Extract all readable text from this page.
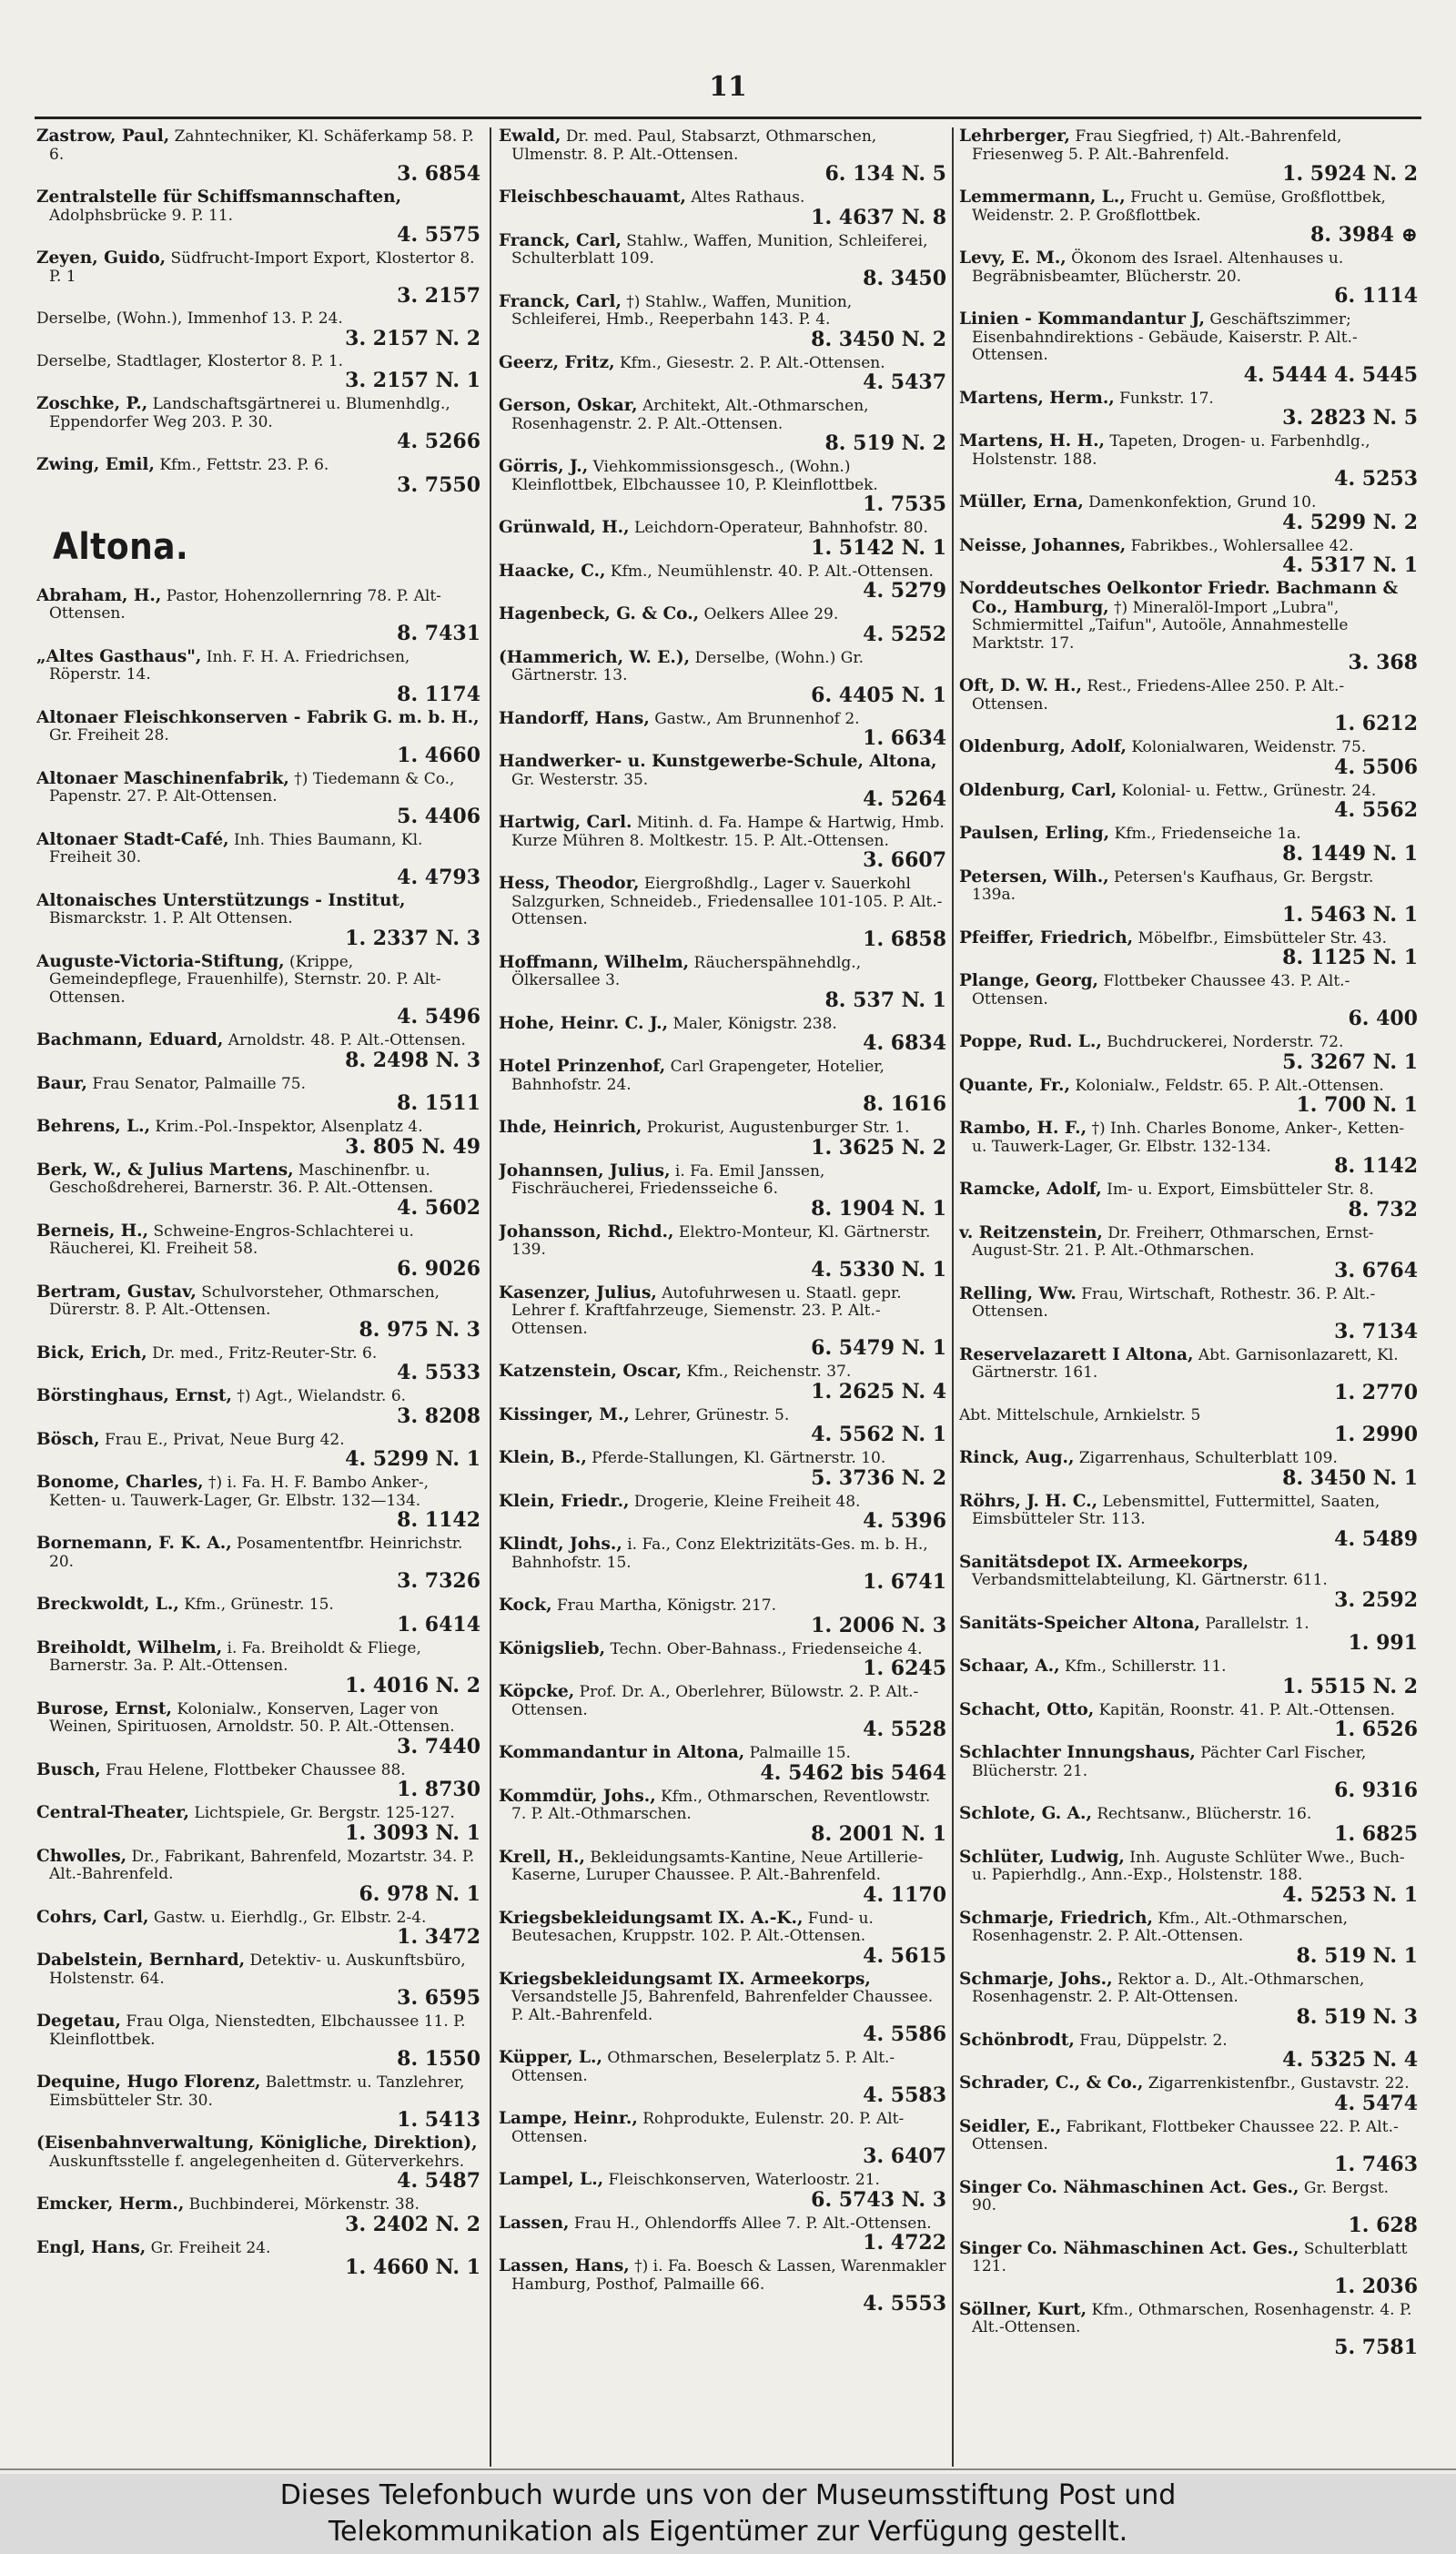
11
Zastrow, Paul, Zahntechniker, Kl. Schäferkamp 58. P. 6.
3. 6854
Zentralstelle für Schiffsmannschaften, Adolphsbrücke 9. P. 11.
4. 5575
Zeyen, Guido, Südfrucht-Import Export, Klostertor 8. P. 1
3. 2157
Derselbe, (Wohn.), Immenhof 13. P. 24.
3. 2157 N. 2
Derselbe, Stadtlager, Klostertor 8. P. 1.
3. 2157 N. 1
Zoschke, P., Landschaftsgärtnerei u. Blumenhdlg., Eppendorfer Weg 203. P. 30.
4. 5266
Zwing, Emil, Kfm., Fettstr. 23. P. 6.
3. 7550
Altona.
Abraham, H., Pastor, Hohenzollernring 78. P. Alt-Ottensen.
8. 7431
„Altes Gasthaus", Inh. F. H. A. Friedrichsen, Röperstr. 14.
8. 1174
Altonaer Fleischkonserven - Fabrik G. m. b. H., Gr. Freiheit 28.
1. 4660
Altonaer Maschinenfabrik, †) Tiedemann & Co., Papenstr. 27. P. Alt-Ottensen.
5. 4406
Altonaer Stadt-Café, Inh. Thies Baumann, Kl. Freiheit 30.
4. 4793
Altonaisches Unterstützungs - Institut, Bismarckstr. 1. P. Alt Ottensen.
1. 2337 N. 3
Auguste-Victoria-Stiftung, (Krippe, Gemeindepflege, Frauenhilfe), Sternstr. 20. P. Alt-Ottensen.
4. 5496
Bachmann, Eduard, Arnoldstr. 48. P. Alt.-Ottensen.
8. 2498 N. 3
Baur, Frau Senator, Palmaille 75.
8. 1511
Behrens, L., Krim.-Pol.-Inspektor, Alsenplatz 4.
3. 805 N. 49
Berk, W., & Julius Martens, Maschinenfbr. u. Geschoßdreherei, Barnerstr. 36. P. Alt.-Ottensen.
4. 5602
Berneis, H., Schweine-Engros-Schlachterei u. Räucherei, Kl. Freiheit 58.
6. 9026
Bertram, Gustav, Schulvorsteher, Othmarschen, Dürerstr. 8. P. Alt.-Ottensen.
8. 975 N. 3
Bick, Erich, Dr. med., Fritz-Reuter-Str. 6.
4. 5533
Börstinghaus, Ernst, †) Agt., Wielandstr. 6.
3. 8208
Bösch, Frau E., Privat, Neue Burg 42.
4. 5299 N. 1
Bonome, Charles, †) i. Fa. H. F. Bambo Anker-, Ketten- u. Tauwerk-Lager, Gr. Elbstr. 132—134.
8. 1142
Bornemann, F. K. A., Posamententfbr. Heinrichstr. 20.
3. 7326
Breckwoldt, L., Kfm., Grünestr. 15.
1. 6414
Breiholdt, Wilhelm, i. Fa. Breiholdt & Fliege, Barnerstr. 3a. P. Alt.-Ottensen.
1. 4016 N. 2
Burose, Ernst, Kolonialw., Konserven, Lager von Weinen, Spirituosen, Arnoldstr. 50. P. Alt.-Ottensen.
3. 7440
Busch, Frau Helene, Flottbeker Chaussee 88.
1. 8730
Central-Theater, Lichtspiele, Gr. Bergstr. 125-127.
1. 3093 N. 1
Chwolles, Dr., Fabrikant, Bahrenfeld, Mozartstr. 34. P. Alt.-Bahrenfeld.
6. 978 N. 1
Cohrs, Carl, Gastw. u. Eierhdlg., Gr. Elbstr. 2-4.
1. 3472
Dabelstein, Bernhard, Detektiv- u. Auskunftsbüro, Holstenstr. 64.
3. 6595
Degetau, Frau Olga, Nienstedten, Elbchaussee 11. P. Kleinflottbek.
8. 1550
Dequine, Hugo Florenz, Balettmstr. u. Tanzlehrer, Eimsbütteler Str. 30.
1. 5413
(Eisenbahnverwaltung, Königliche, Direktion), Auskunftsstelle f. angelegenheiten d. Güterverkehrs.
4. 5487
Emcker, Herm., Buchbinderei, Mörkenstr. 38.
3. 2402 N. 2
Engl, Hans, Gr. Freiheit 24.
1. 4660 N. 1
Ewald, Dr. med. Paul, Stabsarzt, Othmarschen, Ulmenstr. 8. P. Alt.-Ottensen.
6. 134 N. 5
Fleischbeschauamt, Altes Rathaus.
1. 4637 N. 8
Franck, Carl, Stahlw., Waffen, Munition, Schleiferei, Schulterblatt 109.
8. 3450
Franck, Carl, †) Stahlw., Waffen, Munition, Schleiferei, Hmb., Reeperbahn 143. P. 4.
8. 3450 N. 2
Geerz, Fritz, Kfm., Giesestr. 2. P. Alt.-Ottensen.
4. 5437
Gerson, Oskar, Architekt, Alt.-Othmarschen, Rosenhagenstr. 2. P. Alt.-Ottensen.
8. 519 N. 2
Görris, J., Viehkommissionsgesch., (Wohn.) Kleinflottbek, Elbchaussee 10, P. Kleinflottbek.
1. 7535
Grünwald, H., Leichdorn-Operateur, Bahnhofstr. 80.
1. 5142 N. 1
Haacke, C., Kfm., Neumühlenstr. 40. P. Alt.-Ottensen.
4. 5279
Hagenbeck, G. & Co., Oelkers Allee 29.
4. 5252
(Hammerich, W. E.), Derselbe, (Wohn.) Gr. Gärtnerstr. 13.
6. 4405 N. 1
Handorff, Hans, Gastw., Am Brunnenhof 2.
1. 6634
Handwerker- u. Kunstgewerbe-Schule, Altona, Gr. Westerstr. 35.
4. 5264
Hartwig, Carl. Mitinh. d. Fa. Hampe & Hartwig, Hmb. Kurze Mühren 8. Moltkestr. 15. P. Alt.-Ottensen.
3. 6607
Hess, Theodor, Eiergroßhdlg., Lager v. Sauerkohl Salzgurken, Schneideb., Friedensallee 101-105. P. Alt.-Ottensen.
1. 6858
Hoffmann, Wilhelm, Räucherspähnehdlg., Ölkersallee 3.
8. 537 N. 1
Hohe, Heinr. C. J., Maler, Königstr. 238.
4. 6834
Hotel Prinzenhof, Carl Grapengeter, Hotelier, Bahnhofstr. 24.
8. 1616
Ihde, Heinrich, Prokurist, Augustenburger Str. 1.
1. 3625 N. 2
Johannsen, Julius, i. Fa. Emil Janssen, Fischräucherei, Friedensseiche 6.
8. 1904 N. 1
Johansson, Richd., Elektro-Monteur, Kl. Gärtnerstr. 139.
4. 5330 N. 1
Kasenzer, Julius, Autofuhrwesen u. Staatl. gepr. Lehrer f. Kraftfahrzeuge, Siemenstr. 23. P. Alt.-Ottensen.
6. 5479 N. 1
Katzenstein, Oscar, Kfm., Reichenstr. 37.
1. 2625 N. 4
Kissinger, M., Lehrer, Grünestr. 5.
4. 5562 N. 1
Klein, B., Pferde-Stallungen, Kl. Gärtnerstr. 10.
5. 3736 N. 2
Klein, Friedr., Drogerie, Kleine Freiheit 48.
4. 5396
Klindt, Johs., i. Fa., Conz Elektrizitäts-Ges. m. b. H., Bahnhofstr. 15.
1. 6741
Kock, Frau Martha, Königstr. 217.
1. 2006 N. 3
Königslieb, Techn. Ober-Bahnass., Friedenseiche 4.
1. 6245
Köpcke, Prof. Dr. A., Oberlehrer, Bülowstr. 2. P. Alt.-Ottensen.
4. 5528
Kommandantur in Altona, Palmaille 15.
4. 5462 bis 5464
Kommdür, Johs., Kfm., Othmarschen, Reventlowstr. 7. P. Alt.-Othmarschen.
8. 2001 N. 1
Krell, H., Bekleidungsamts-Kantine, Neue Artillerie-Kaserne, Luruper Chaussee. P. Alt.-Bahrenfeld.
4. 1170
Kriegsbekleidungsamt IX. A.-K., Fund- u. Beutesachen, Kruppstr. 102. P. Alt.-Ottensen.
4. 5615
Kriegsbekleidungsamt IX. Armeekorps, Versandstelle J5, Bahrenfeld, Bahrenfelder Chaussee. P. Alt.-Bahrenfeld.
4. 5586
Küpper, L., Othmarschen, Beselerplatz 5. P. Alt.-Ottensen.
4. 5583
Lampe, Heinr., Rohprodukte, Eulenstr. 20. P. Alt-Ottensen.
3. 6407
Lampel, L., Fleischkonserven, Waterloostr. 21.
6. 5743 N. 3
Lassen, Frau H., Ohlendorffs Allee 7. P. Alt.-Ottensen.
1. 4722
Lassen, Hans, †) i. Fa. Boesch & Lassen, Warenmakler Hamburg, Posthof, Palmaille 66.
4. 5553
Lehrberger, Frau Siegfried, †) Alt.-Bahrenfeld, Friesenweg 5. P. Alt.-Bahrenfeld.
1. 5924 N. 2
Lemmermann, L., Frucht u. Gemüse, Großflottbek, Weidenstr. 2. P. Großflottbek.
8. 3984 ⊕
Levy, E. M., Ökonom des Israel. Altenhauses u. Begräbnisbeamter, Blücherstr. 20.
6. 1114
Linien - Kommandantur J, Geschäftszimmer; Eisenbahndirektions - Gebäude, Kaiserstr. P. Alt.-Ottensen.
4. 5444 4. 5445
Martens, Herm., Funkstr. 17.
3. 2823 N. 5
Martens, H. H., Tapeten, Drogen- u. Farbenhdlg., Holstenstr. 188.
4. 5253
Müller, Erna, Damenkonfektion, Grund 10.
4. 5299 N. 2
Neisse, Johannes, Fabrikbes., Wohlersallee 42.
4. 5317 N. 1
Norddeutsches Oelkontor Friedr. Bachmann & Co., Hamburg, †) Mineralöl-Import „Lubra", Schmiermittel „Taifun", Autoöle, Annahmestelle Marktstr. 17.
3. 368
Oft, D. W. H., Rest., Friedens-Allee 250. P. Alt.-Ottensen.
1. 6212
Oldenburg, Adolf, Kolonialwaren, Weidenstr. 75.
4. 5506
Oldenburg, Carl, Kolonial- u. Fettw., Grünestr. 24.
4. 5562
Paulsen, Erling, Kfm., Friedenseiche 1a.
8. 1449 N. 1
Petersen, Wilh., Petersen's Kaufhaus, Gr. Bergstr. 139a.
1. 5463 N. 1
Pfeiffer, Friedrich, Möbelfbr., Eimsbütteler Str. 43.
8. 1125 N. 1
Plange, Georg, Flottbeker Chaussee 43. P. Alt.-Ottensen.
6. 400
Poppe, Rud. L., Buchdruckerei, Norderstr. 72.
5. 3267 N. 1
Quante, Fr., Kolonialw., Feldstr. 65. P. Alt.-Ottensen.
1. 700 N. 1
Rambo, H. F., †) Inh. Charles Bonome, Anker-, Ketten- u. Tauwerk-Lager, Gr. Elbstr. 132-134.
8. 1142
Ramcke, Adolf, Im- u. Export, Eimsbütteler Str. 8.
8. 732
v. Reitzenstein, Dr. Freiherr, Othmarschen, Ernst-August-Str. 21. P. Alt.-Othmarschen.
3. 6764
Relling, Ww. Frau, Wirtschaft, Rothestr. 36. P. Alt.-Ottensen.
3. 7134
Reservelazarett I Altona, Abt. Garnisonlazarett, Kl. Gärtnerstr. 161.
1. 2770
Abt. Mittelschule, Arnkielstr. 5
1. 2990
Rinck, Aug., Zigarrenhaus, Schulterblatt 109.
8. 3450 N. 1
Röhrs, J. H. C., Lebensmittel, Futtermittel, Saaten, Eimsbütteler Str. 113.
4. 5489
Sanitätsdepot IX. Armeekorps, Verbandsmittelabteilung, Kl. Gärtnerstr. 611.
3. 2592
Sanitäts-Speicher Altona, Parallelstr. 1.
1. 991
Schaar, A., Kfm., Schillerstr. 11.
1. 5515 N. 2
Schacht, Otto, Kapitän, Roonstr. 41. P. Alt.-Ottensen.
1. 6526
Schlachter Innungshaus, Pächter Carl Fischer, Blücherstr. 21.
6. 9316
Schlote, G. A., Rechtsanw., Blücherstr. 16.
1. 6825
Schlüter, Ludwig, Inh. Auguste Schlüter Wwe., Buch- u. Papierhdlg., Ann.-Exp., Holstenstr. 188.
4. 5253 N. 1
Schmarje, Friedrich, Kfm., Alt.-Othmarschen, Rosenhagenstr. 2. P. Alt.-Ottensen.
8. 519 N. 1
Schmarje, Johs., Rektor a. D., Alt.-Othmarschen, Rosenhagenstr. 2. P. Alt-Ottensen.
8. 519 N. 3
Schönbrodt, Frau, Düppelstr. 2.
4. 5325 N. 4
Schrader, C., & Co., Zigarrenkistenfbr., Gustavstr. 22.
4. 5474
Seidler, E., Fabrikant, Flottbeker Chaussee 22. P. Alt.-Ottensen.
1. 7463
Singer Co. Nähmaschinen Act. Ges., Gr. Bergst. 90.
1. 628
Singer Co. Nähmaschinen Act. Ges., Schulterblatt 121.
1. 2036
Söllner, Kurt, Kfm., Othmarschen, Rosenhagenstr. 4. P. Alt.-Ottensen.
5. 7581
Dieses Telefonbuch wurde uns von der Museumsstiftung Post und
Telekommunikation als Eigentümer zur Verfügung gestellt.
